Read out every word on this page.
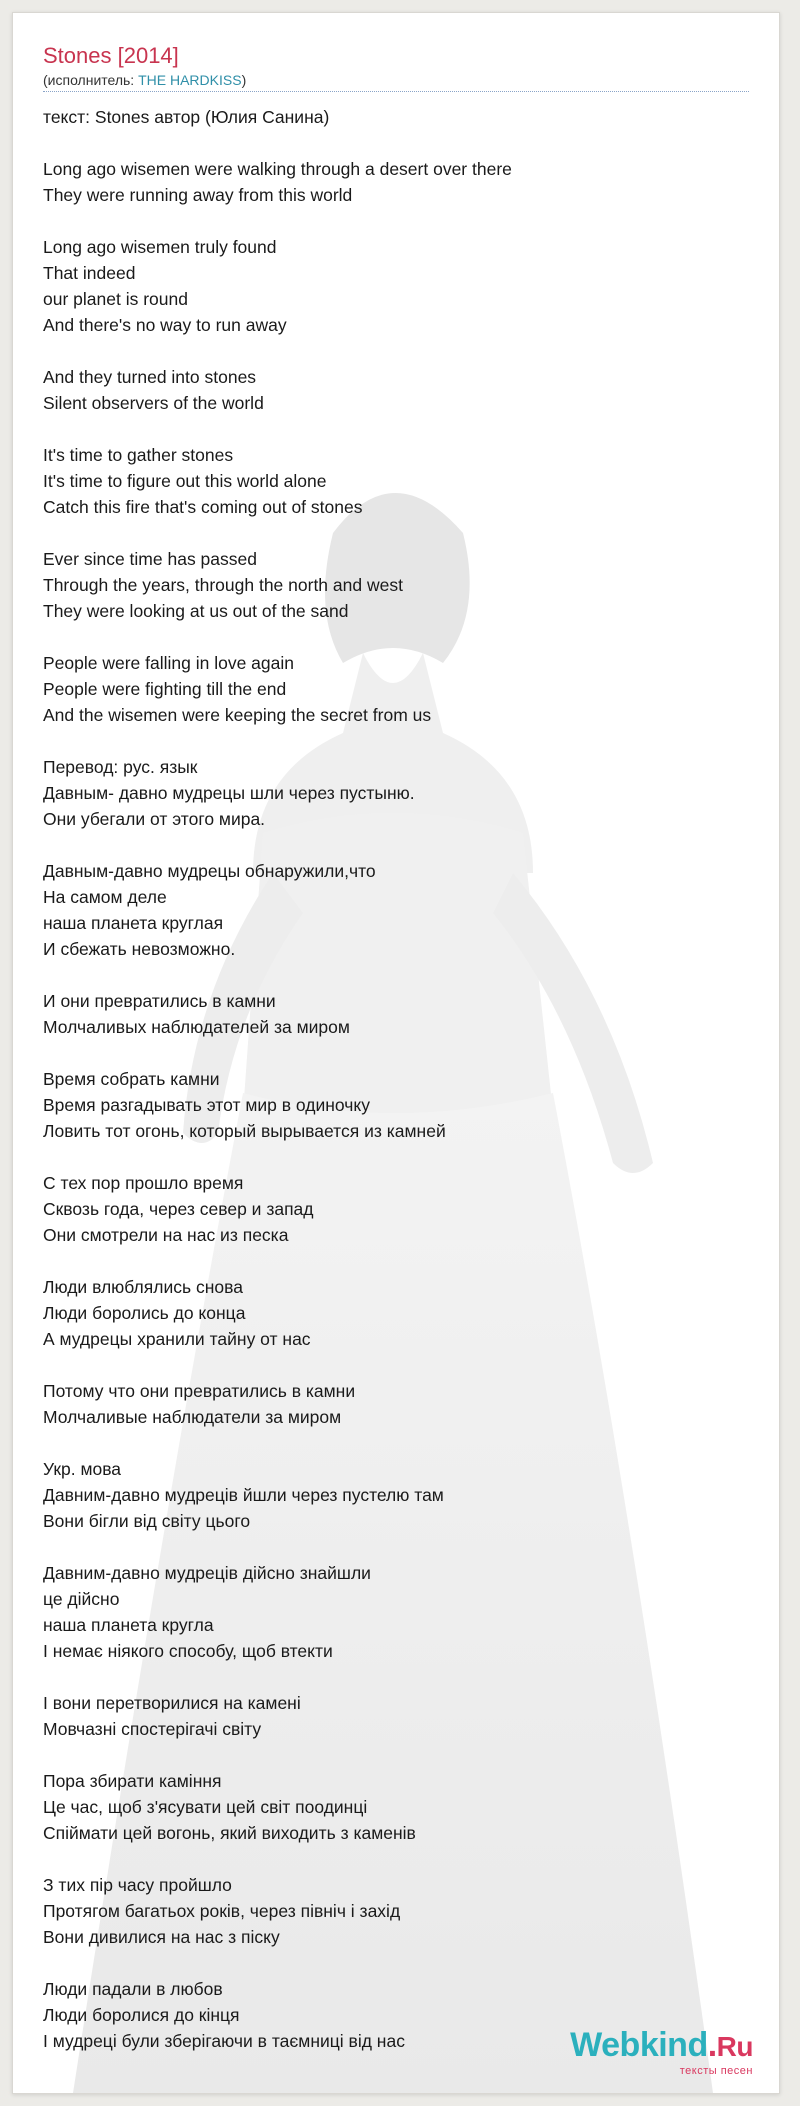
Stones [2014]
(исполнитель: THE HARDKISS)
текст: Stones автор (Юлия Санина)
Long ago wisemen were walking through a desert over there
They were running away from this world
Long ago wisemen truly found
That indeed
our planet is round
And there's no way to run away
And they turned into stones
Silent observers of the world
It's time to gather stones
It's time to figure out this world alone
Catch this fire that's coming out of stones
Ever since time has passed
Through the years, through the north and west
They were looking at us out of the sand
People were falling in love again
People were fighting till the end
And the wisemen were keeping the secret from us
Перевод: рус. язык
Давным- давно мудрецы шли через пустыню.
Они убегали от этого мира.
Давным-давно мудрецы обнаружили,что
На самом деле
наша планета круглая
И сбежать невозможно.
И они превратились в камни
Молчаливых наблюдателей за миром
Время собрать камни
Время разгадывать этот мир в одиночку
Ловить тот огонь, который вырывается из камней
С тех пор прошло время
Сквозь года, через север и запад
Они смотрели на нас из песка
Люди влюблялись снова
Люди боролись до конца
А мудрецы хранили тайну от нас
Потому что они превратились в камни
Молчаливые наблюдатели за миром
Укр. мова
Давним-давно мудреців йшли через пустелю там
Вони бігли від світу цього
Давним-давно мудреців дійсно знайшли
це дійсно
наша планета кругла
І немає ніякого способу, щоб втекти
І вони перетворилися на камені
Мовчазні спостерігачі світу
Пора збирати каміння
Це час, щоб з'ясувати цей світ поодинці
Спіймати цей вогонь, який виходить з каменів
З тих пір часу пройшло
Протягом багатьох років, через північ і захід
Вони дивилися на нас з піску
Люди падали в любов
Люди боролися до кінця
І мудреці були зберігаючи в таємниці від нас	Webkind.Ru
тексты песен
